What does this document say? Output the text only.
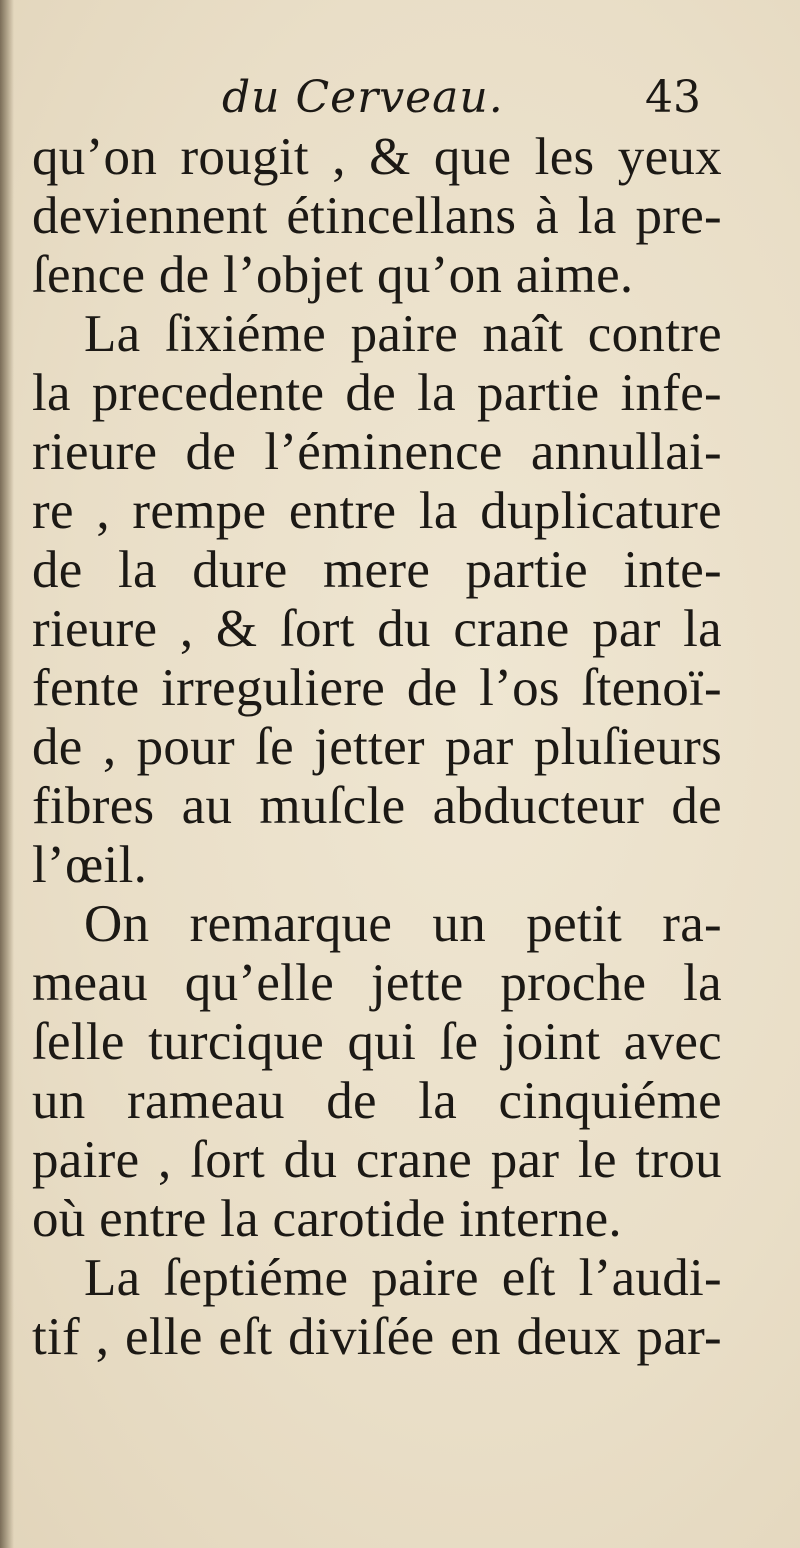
du Cerveau.	43
qu’on rougit , & que les yeux
deviennent étincellans à la pre-
ſence de l’objet qu’on aime.
La ſixiéme paire naît contre
la precedente de la partie infe-
rieure de l’éminence annullai-
re , rempe entre la duplicature
de la dure mere partie inte-
rieure , & ſort du crane par la
fente irreguliere de l’os ſtenoï-
de , pour ſe jetter par pluſieurs
fibres au muſcle abducteur de
l’œil.
On remarque un petit ra-
meau qu’elle jette proche la
ſelle turcique qui ſe joint avec
un rameau de la cinquiéme
paire , ſort du crane par le trou
où entre la carotide interne.
La ſeptiéme paire eſt l’audi-
tif , elle eſt diviſée en deux par-
